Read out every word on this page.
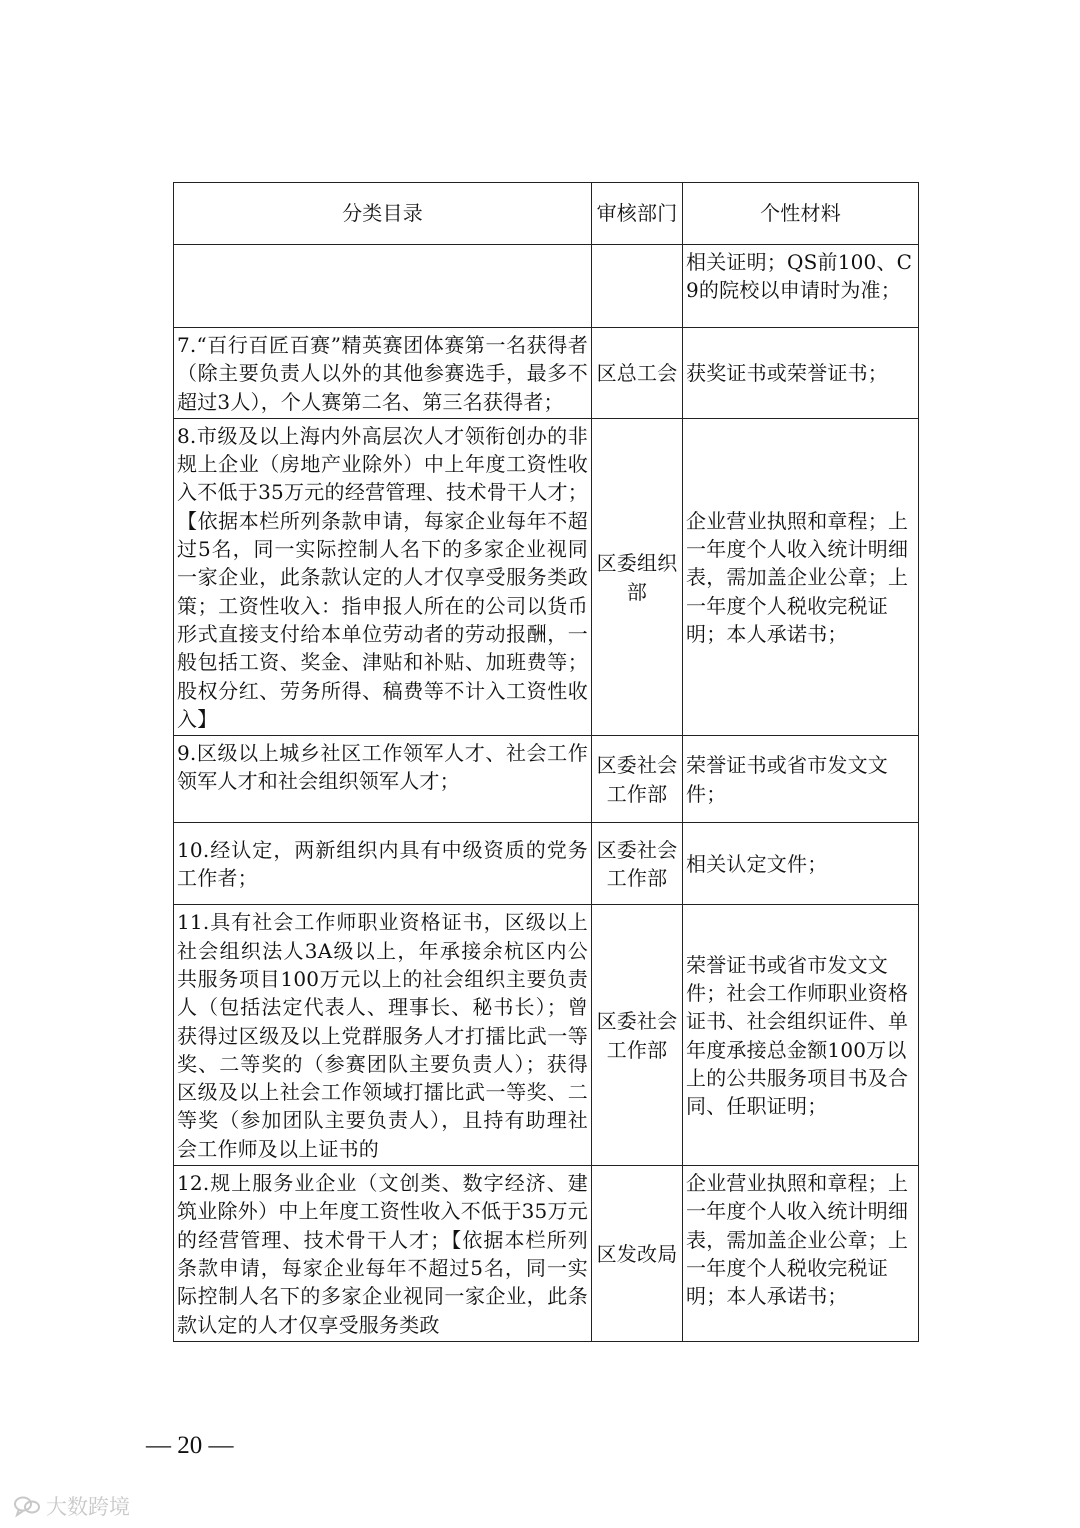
分类目录	审核部门	个性材料
		相关证明；QS前100、C9的院校以申请时为准；
7.“百行百匠百赛”精英赛团体赛第一名获得者（除主要负责人以外的其他参赛选手，最多不超过3人），个人赛第二名、第三名获得者；	区总工会	获奖证书或荣誉证书；
8.市级及以上海内外高层次人才领衔创办的非规上企业（房地产业除外）中上年度工资性收入不低于35万元的经营管理、技术骨干人才；【依据本栏所列条款申请，每家企业每年不超过5名，同一实际控制人名下的多家企业视同一家企业，此条款认定的人才仅享受服务类政策；工资性收入：指申报人所在的公司以货币形式直接支付给本单位劳动者的劳动报酬，一般包括工资、奖金、津贴和补贴、加班费等；股权分红、劳务所得、稿费等不计入工资性收入】	区委组织部	企业营业执照和章程；上一年度个人收入统计明细表，需加盖企业公章；上一年度个人税收完税证明；本人承诺书；
9.区级以上城乡社区工作领军人才、社会工作领军人才和社会组织领军人才；	区委社会工作部	荣誉证书或省市发文文件；
10.经认定，两新组织内具有中级资质的党务工作者；	区委社会工作部	相关认定文件；
11.具有社会工作师职业资格证书，区级以上社会组织法人3A级以上，年承接余杭区内公共服务项目100万元以上的社会组织主要负责人（包括法定代表人、理事长、秘书长）；曾获得过区级及以上党群服务人才打擂比武一等奖、二等奖的（参赛团队主要负责人）；获得区级及以上社会工作领域打擂比武一等奖、二等奖（参加团队主要负责人），且持有助理社会工作师及以上证书的	区委社会工作部	荣誉证书或省市发文文件；社会工作师职业资格证书、社会组织证件、单年度承接总金额100万以上的公共服务项目书及合同、任职证明；
12.规上服务业企业（文创类、数字经济、建筑业除外）中上年度工资性收入不低于35万元的经营管理、技术骨干人才；【依据本栏所列条款申请，每家企业每年不超过5名，同一实际控制人名下的多家企业视同一家企业，此条款认定的人才仅享受服务类政	区发改局	企业营业执照和章程；上一年度个人收入统计明细表，需加盖企业公章；上一年度个人税收完税证明；本人承诺书；
— 20 —
大数跨境
